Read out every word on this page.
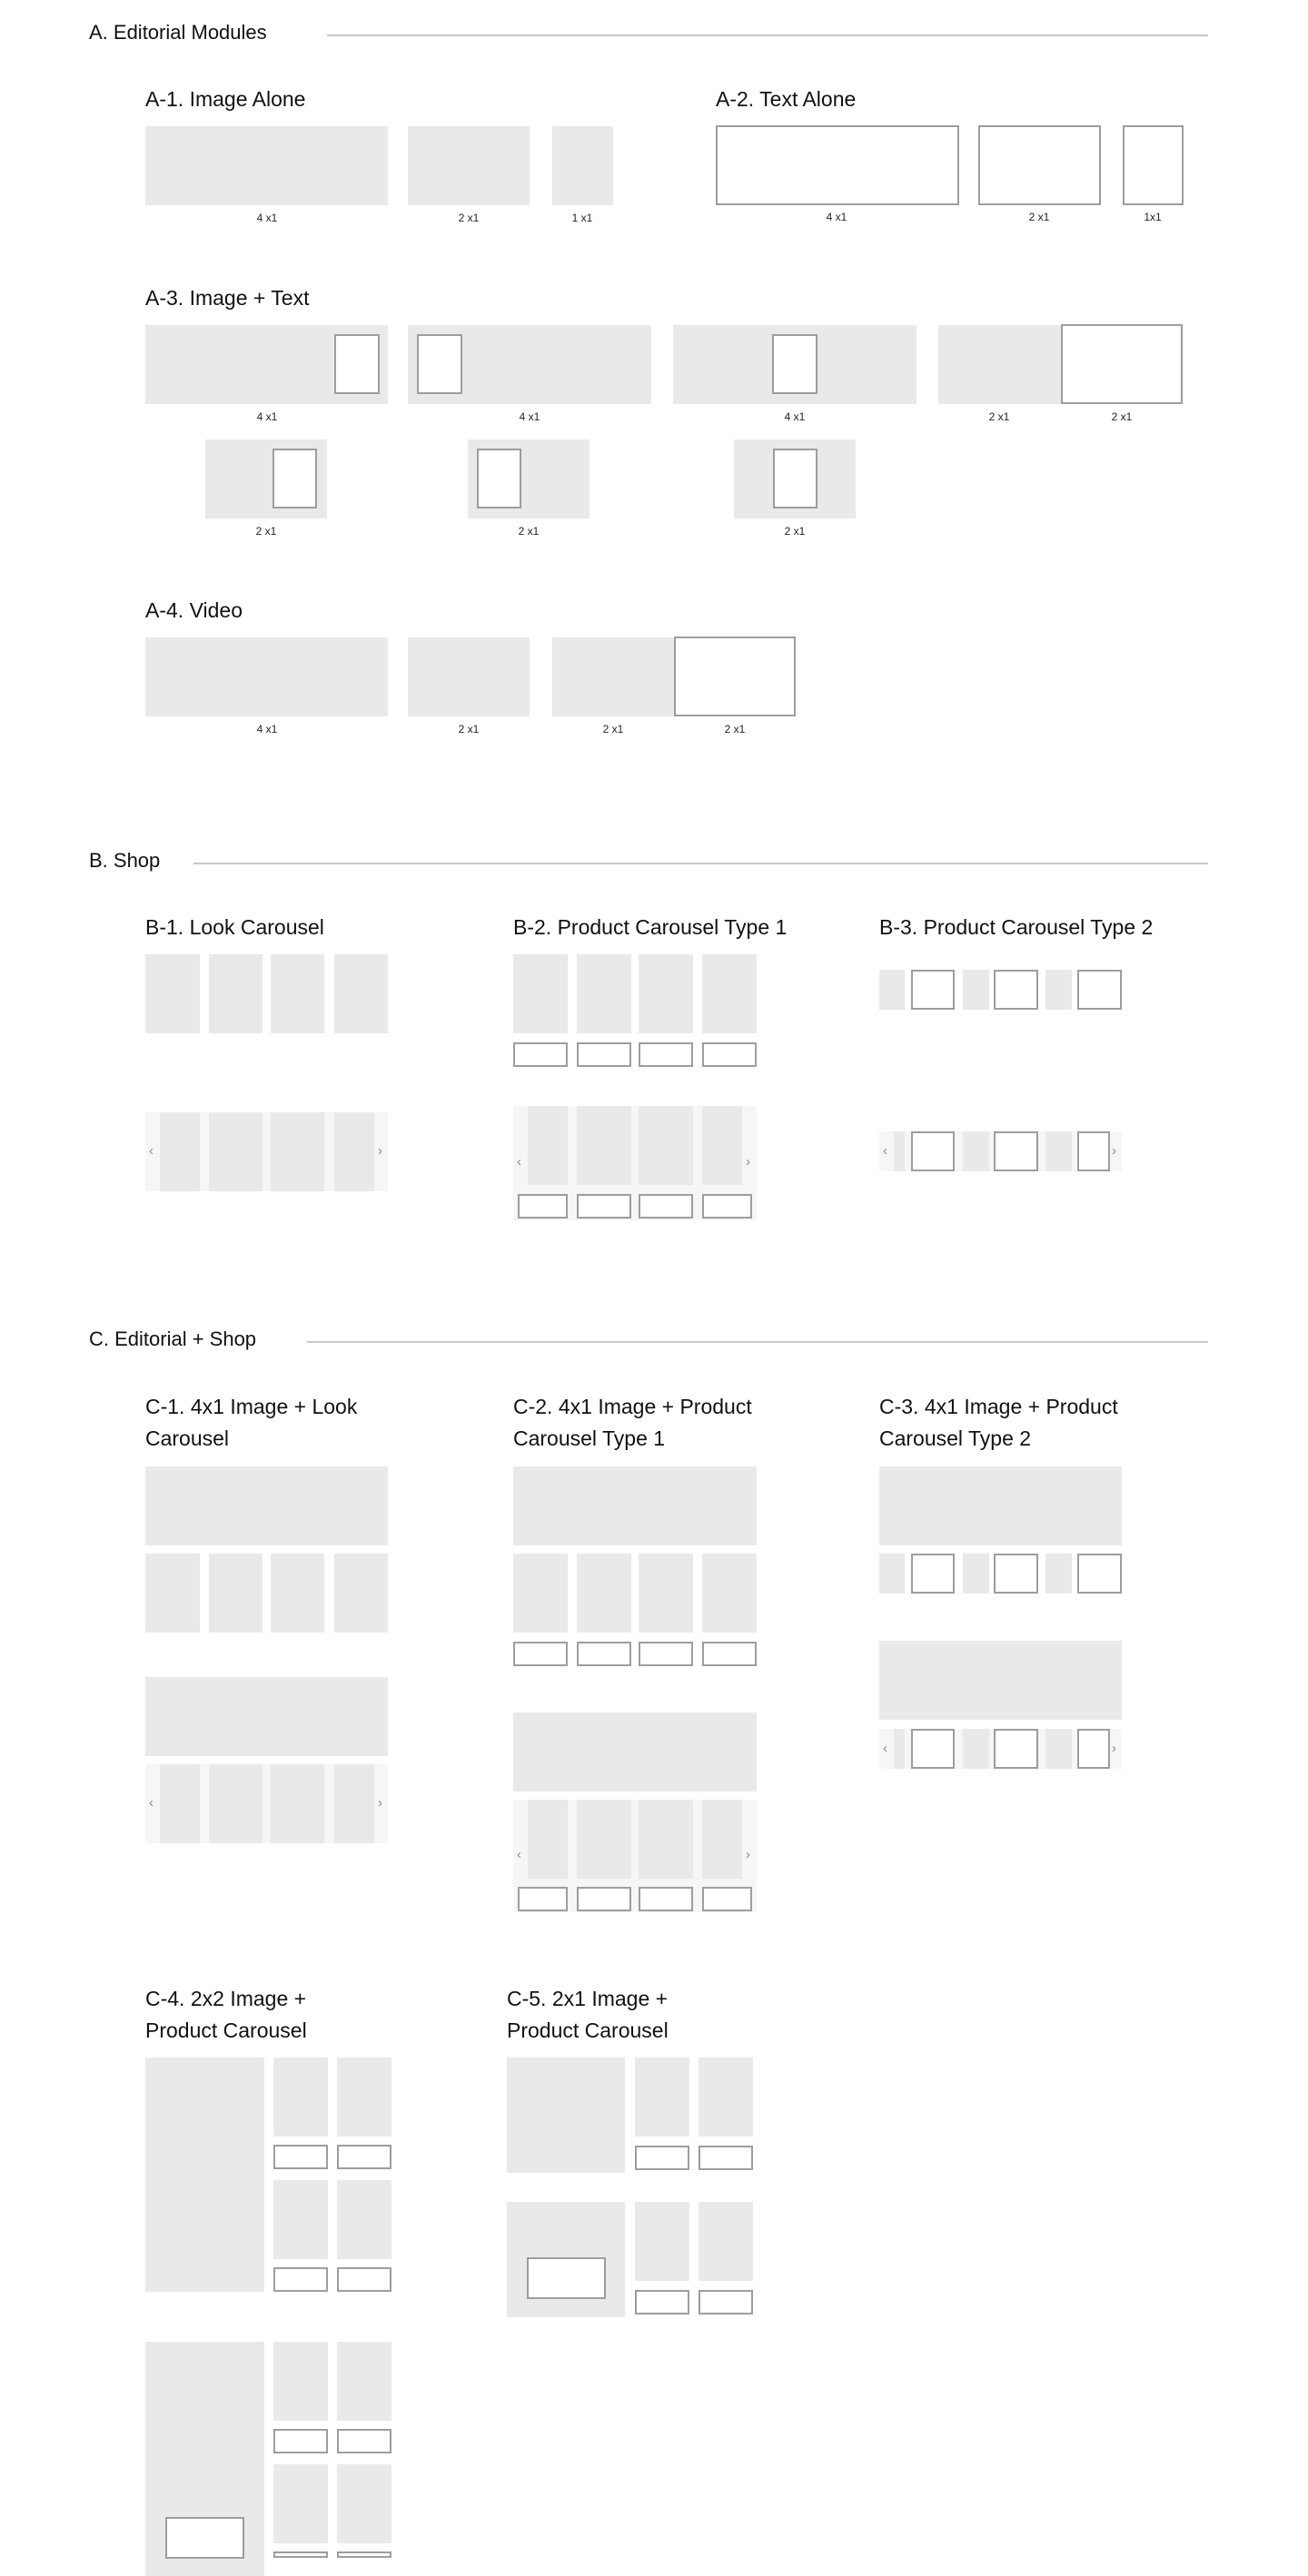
A. Editorial Modules
A-1. Image Alone
4 x1	2 x1	1 x1
A-2. Text Alone
4 x1	2 x1	1x1
A-3. Image + Text
4 x1	4 x1	4 x1	2 x1	2 x1
2 x1	2 x1	2 x1
A-4. Video
4 x1	2 x1	2 x1	2 x1
B. Shop
B-1. Look Carousel
‹	›
B-2. Product Carousel Type 1
‹	›
B-3. Product Carousel Type 2
‹	›
C. Editorial + Shop
C-1. 4x1 Image + Look
Carousel
‹	›
C-2. 4x1 Image + Product
Carousel Type 1
‹	›
C-3. 4x1 Image + Product
Carousel Type 2
‹	›
C-4. 2x2 Image +
Product Carousel
C-5. 2x1 Image +
Product Carousel
